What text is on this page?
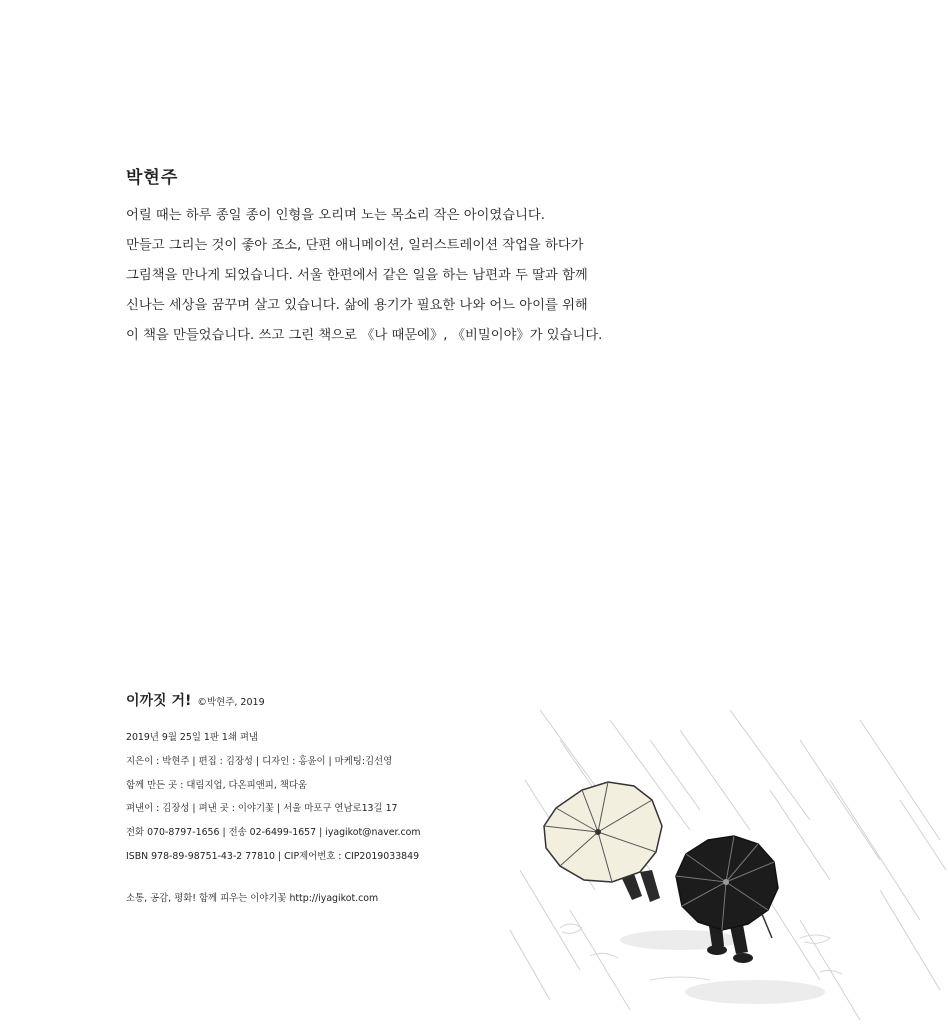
박현주
어릴 때는 하루 종일 종이 인형을 오리며 노는 목소리 작은 아이였습니다.
만들고 그리는 것이 좋아 조소, 단편 애니메이션, 일러스트레이션 작업을 하다가
그림책을 만나게 되었습니다. 서울 한편에서 같은 일을 하는 남편과 두 딸과 함께
신나는 세상을 꿈꾸며 살고 있습니다. 삶에 용기가 필요한 나와 어느 아이를 위해
이 책을 만들었습니다. 쓰고 그린 책으로 《나 때문에》, 《비밀이야》가 있습니다.
이까짓 거! ©박현주, 2019
2019년 9월 25일 1판 1쇄 펴냄
지은이 : 박현주 | 편집 : 김장성 | 디자인 : 홍윤이 | 마케팅:김선영
함께 만든 곳 : 대림지업, 다온피앤피, 책다움
펴낸이 : 김장성 | 펴낸 곳 : 이야기꽃 | 서울 마포구 연남로13길 17
전화 070-8797-1656 | 전송 02-6499-1657 | iyagikot@naver.com
ISBN 978-89-98751-43-2 77810 | CIP제어번호 : CIP2019033849
소통, 공감, 평화! 함께 피우는 이야기꽃 http://iyagikot.com
